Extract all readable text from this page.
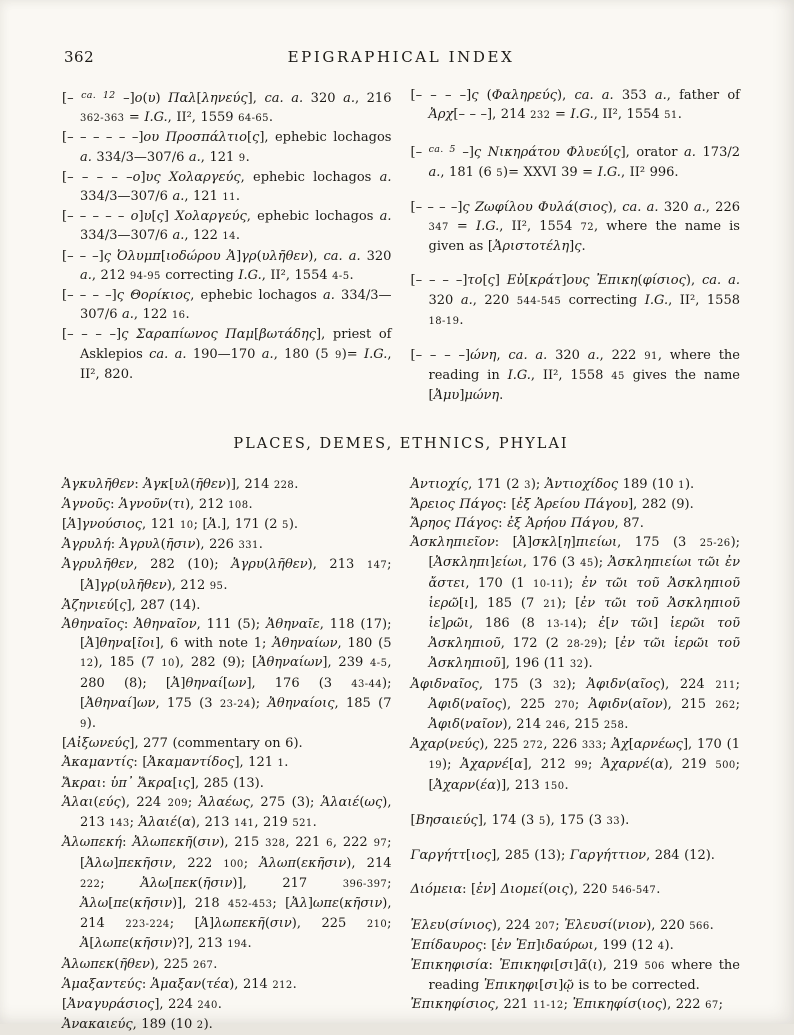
362	EPIGRAPHICAL INDEX

[– $^{ca. 12}$ –]ο(υ) Παλ[ληνεύς], ca. a. 320 a., 216 362-363 = I.G., II², 1559 64-65.

[– – – – – –]ου Προσπάλτιο[ς], ephebic lochagos a. 334/3—307/6 a., 121 9.

[– – – – –ο]υς Χολαργεύς, ephebic lochagos a. 334/3—307/6 a., 121 11.

[– – – – – ο]υ[ς] Χολαργεύς, ephebic lochagos a. 334/3—307/6 a., 122 14.

[– – –]ς Ὀλυμπ[ιοδώρου Ἀ]γρ(υλῆθεν), ca. a. 320 a., 212 94-95 correcting I.G., II², 1554 4-5.

[– – – –]ς Θορίκιος, ephebic lochagos a. 334/3—307/6 a., 122 16.

[– – – –]ς Σαραπίωνος Παμ[βωτάδης], priest of Asklepios ca. a. 190—170 a., 180 (5 9)= I.G., II², 820.

[– – – –]ς (Φαληρεύς), ca. a. 353 a., father of Ἀρχ[– – –], 214 232 = I.G., II², 1554 51.

[– $^{ca. 5}$ –]ς Νικηράτου Φλυεύ[ς], orator a. 173/2 a., 181 (6 5)= XXVI 39 = I.G., II² 996.

[– – – –]ς Ζωφίλου Φυλά(σιος), ca. a. 320 a., 226 347 = I.G., II², 1554 72, where the name is given as [Ἀριστοτέλη]ς.

[– – – –]το[ς] Εὐ[κράτ]ους Ἐπικη(φίσιος), ca. a. 320 a., 220 544-545 correcting I.G., II², 1558 18-19.

[– – – –]ώνη, ca. a. 320 a., 222 91, where the reading in I.G., II², 1558 45 gives the name [Ἀμυ]μώνη.

PLACES, DEMES, ETHNICS, PHYLAI

Ἀγκυλῆθεν: Ἀγκ[υλ(ῆθεν)], 214 228.

Ἁγνοῦς: Ἁγνοῦν(τι), 212 108.

[Ἁ]γνούσιος, 121 10; [Ἁ.], 171 (2 5).

Ἀγρυλή: Ἀγρυλ(ῆσιν), 226 331.

Ἀγρυλῆθεν, 282 (10); Ἀγρυ(λῆθεν), 213 147; [Ἀ]γρ(υλῆθεν), 212 95.

Ἀζηνιεύ[ς], 287 (14).

Ἀθηναῖος: Ἀθηναῖον, 111 (5); Ἀθηναῖε, 118 (17); [Ἀ]θηνα[ῖοι], 6 with note 1; Ἀθηναίων, 180 (5 12), 185 (7 10), 282 (9); [Ἀθηναίων], 239 4-5, 280 (8); [Ἀ]θηναί[ων], 176 (3 43-44); [Ἀθηναί]ων, 175 (3 23-24); Ἀθηναίοις, 185 (7 9).

[Αἰξωνεύς], 277 (commentary on 6).

Ἀκαμαντίς: [Ἀκαμαντίδος], 121 1.

Ἄκραι: ὑπ᾽ Ἄκρα[ις], 285 (13).

Ἁλαι(εύς), 224 209; Ἁλαέως, 275 (3); Ἁλαιέ(ως), 213 143; Ἁλαιέ(α), 213 141, 219 521.

Ἀλωπεκή: Ἀλωπεκῆ(σιν), 215 328, 221 6, 222 97; [Ἀλω]πεκῆσιν, 222 100; Ἀλωπ(εκῆσιν), 214 222; Ἀλω[πεκ(ῆσιν)], 217 396-397; Ἀλω[πε(κῆσιν)], 218 452-453; [Ἀλ]ωπε(κῆσιν), 214 223-224; [Ἀ]λωπεκῆ(σιν), 225 210; Ἀ[λωπε(κῆσιν)?], 213 194.

Ἀλωπεκ(ῆθεν), 225 267.

Ἁμαξαντεύς: Ἁμαξαν(τέα), 214 212.

[Ἀναγυράσιος], 224 240.

Ἀνακαιεύς, 189 (10 2).

Ἀντιοχίς, 171 (2 3); Ἀντιοχίδος 189 (10 1).

Ἄρειος Πάγος: [ἐξ Ἀρείου Πάγου], 282 (9).

Ἄρηος Πάγος: ἐξ Ἀρήου Πάγου, 87.

Ἀσκληπιεῖον: [Ἀ]σκλ[η]πιείωι, 175 (3 25-26); [Ἀσκληπι]είωι, 176 (3 45); Ἀσκληπιείωι τῶι ἐν ἄστει, 170 (1 10-11); ἐν τῶι τοῦ Ἀσκληπιοῦ ἱερῶ[ι], 185 (7 21); [ἐν τῶι τοῦ Ἀσκληπιοῦ ἱε]ρῶι, 186 (8 13-14); ἐ[ν τῶι] ἱερῶι τοῦ Ἀσκληπιοῦ, 172 (2 28-29); [ἐν τῶι ἱερῶι τοῦ Ἀσκληπιοῦ], 196 (11 32).

Ἀφιδναῖος, 175 (3 32); Ἀφιδν(αῖος), 224 211; Ἀφιδ(ναῖος), 225 270; Ἀφιδν(αῖον), 215 262; Ἀφιδ(ναῖον), 214 246, 215 258.

Ἀχαρ(νεύς), 225 272, 226 333; Ἀχ[αρνέως], 170 (1 19); Ἀχαρνέ[α], 212 99; Ἀχαρνέ(α), 219 500; [Ἀχαρν(έα)], 213 150.

[Βησαιεύς], 174 (3 5), 175 (3 33).

Γαργήττ[ιος], 285 (13); Γαργήττιον, 284 (12).

Διόμεια: [ἐν] Διομεί(οις), 220 546-547.

Ἐλευ(σίνιος), 224 207; Ἐλευσί(νιον), 220 566.

Ἐπίδαυρος: [ἐν Ἐπ]ιδαύρωι, 199 (12 4).

Ἐπικηφισία: Ἐπικηφι[σι]ᾶ(ι), 219 506 where the reading Ἐπικηφι[σι]ῷ is to be corrected.

Ἐπικηφίσιος, 221 11-12; Ἐπικηφίσ(ιος), 222 67;
